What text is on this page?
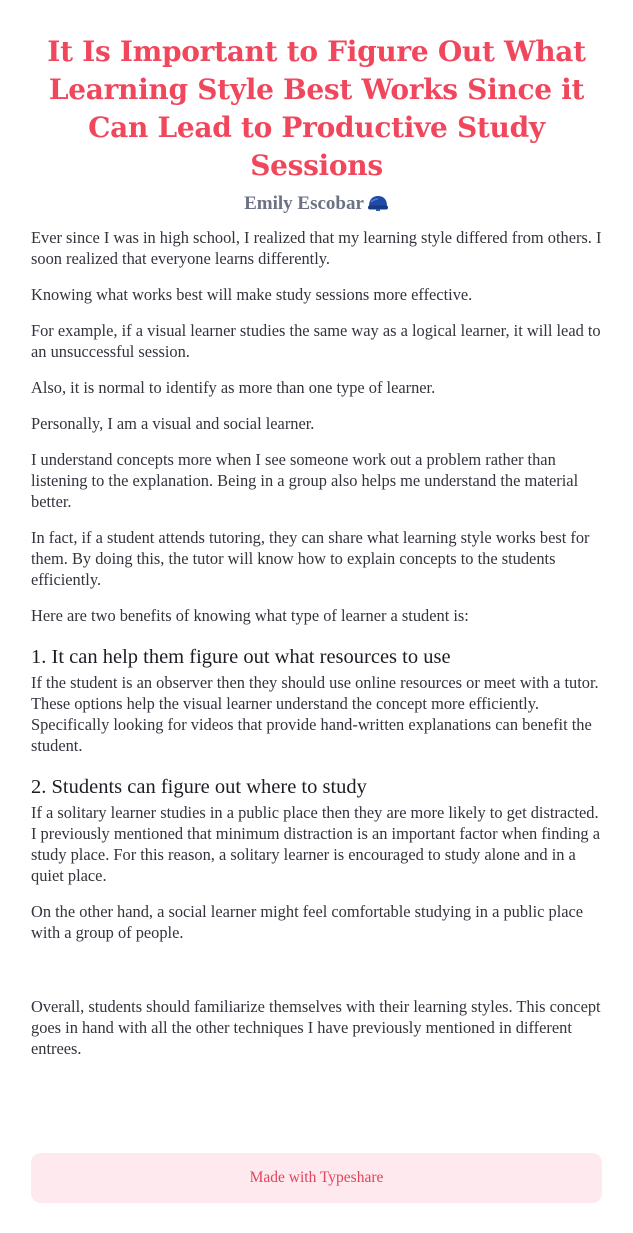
It Is Important to Figure Out What Learning Style Best Works Since it Can Lead to Productive Study Sessions
Emily Escobar

Ever since I was in high school, I realized that my learning style differed from others. I soon realized that everyone learns differently.

Knowing what works best will make study sessions more effective.

For example, if a visual learner studies the same way as a logical learner, it will lead to an unsuccessful session.

Also, it is normal to identify as more than one type of learner.

Personally, I am a visual and social learner.

I understand concepts more when I see someone work out a problem rather than listening to the explanation. Being in a group also helps me understand the material better.

In fact, if a student attends tutoring, they can share what learning style works best for them. By doing this, the tutor will know how to explain concepts to the students efficiently.

Here are two benefits of knowing what type of learner a student is:

1. It can help them figure out what resources to use

If the student is an observer then they should use online resources or meet with a tutor. These options help the visual learner understand the concept more efficiently. Specifically looking for videos that provide hand-written explanations can benefit the student.

2. Students can figure out where to study

If a solitary learner studies in a public place then they are more likely to get distracted. I previously mentioned that minimum distraction is an important factor when finding a study place. For this reason, a solitary learner is encouraged to study alone and in a quiet place.

On the other hand, a social learner might feel comfortable studying in a public place with a group of people.

Overall, students should familiarize themselves with their learning styles. This concept goes in hand with all the other techniques I have previously mentioned in different entrees.

Made with Typeshare
